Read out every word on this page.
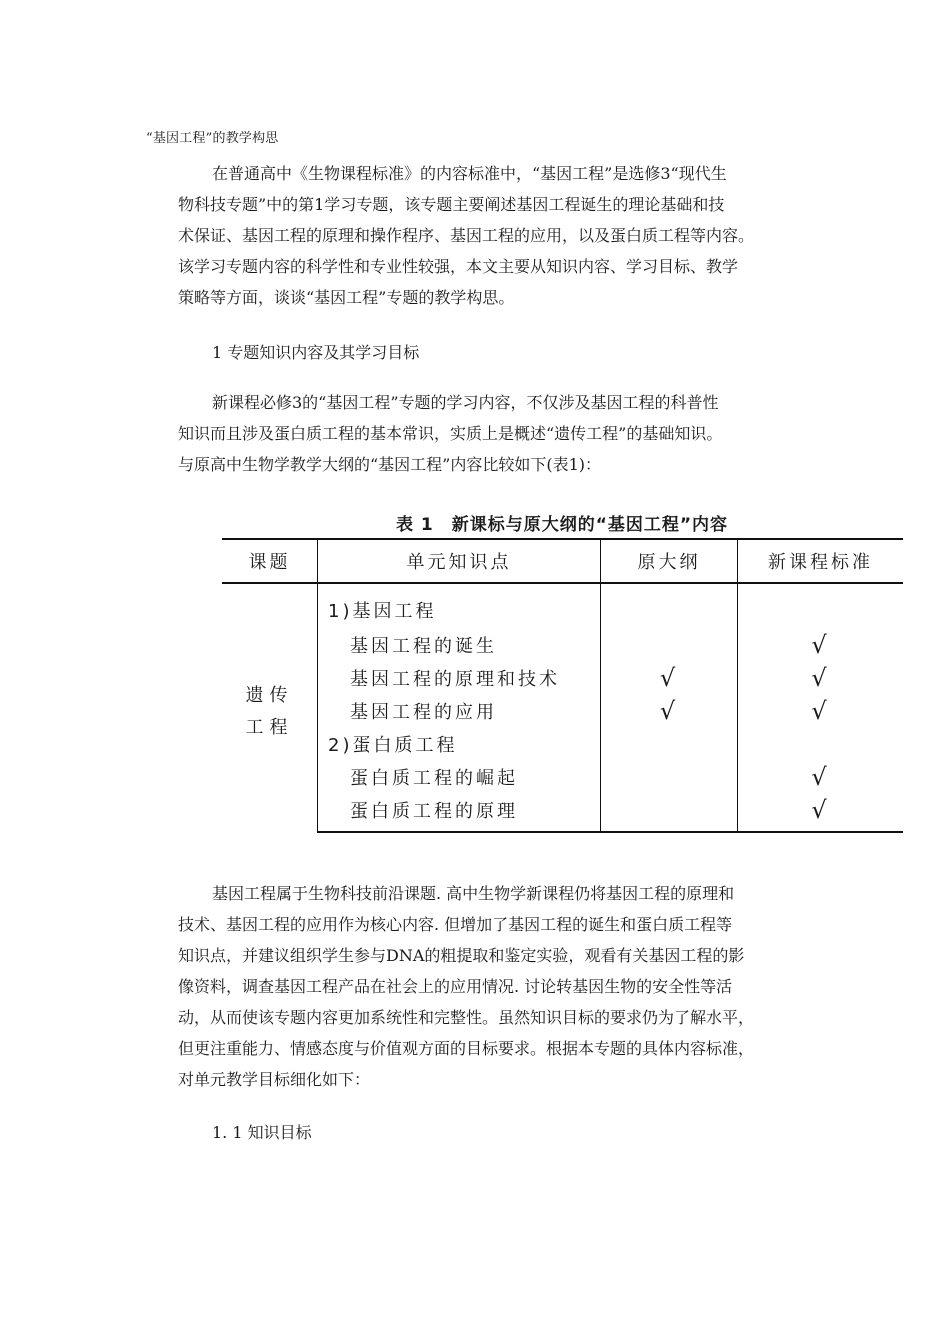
“基因工程”的教学构思

在普通高中《生物课程标准》的内容标准中，“基因工程”是选修3“现代生
物科技专题”中的第1学习专题，该专题主要阐述基因工程诞生的理论基础和技
术保证、基因工程的原理和操作程序、基因工程的应用，以及蛋白质工程等内容。
该学习专题内容的科学性和专业性较强，本文主要从知识内容、学习目标、教学
策略等方面，谈谈“基因工程”专题的教学构思。

1 专题知识内容及其学习目标

新课程必修3的“基因工程”专题的学习内容，不仅涉及基因工程的科普性
知识而且涉及蛋白质工程的基本常识，实质上是概述“遗传工程”的基础知识。
与原高中生物学教学大纲的“基因工程”内容比较如下(表1)：

表 1　新课标与原大纲的“基因工程”内容
课题	单元知识点	原大纲	新课程标准

遗传
工程	1)基因工程		
	基因工程的诞生		√
	基因工程的原理和技术	√	√
	基因工程的应用	√	√
	2)蛋白质工程		
	蛋白质工程的崛起		√
	蛋白质工程的原理		√

基因工程属于生物科技前沿课题. 高中生物学新课程仍将基因工程的原理和
技术、基因工程的应用作为核心内容. 但增加了基因工程的诞生和蛋白质工程等
知识点，并建议组织学生参与DNA的粗提取和鉴定实验，观看有关基因工程的影
像资料，调查基因工程产品在社会上的应用情况. 讨论转基因生物的安全性等活
动，从而使该专题内容更加系统性和完整性。虽然知识目标的要求仍为了解水平，
但更注重能力、情感态度与价值观方面的目标要求。根据本专题的具体内容标准，
对单元教学目标细化如下：

1. 1 知识目标
